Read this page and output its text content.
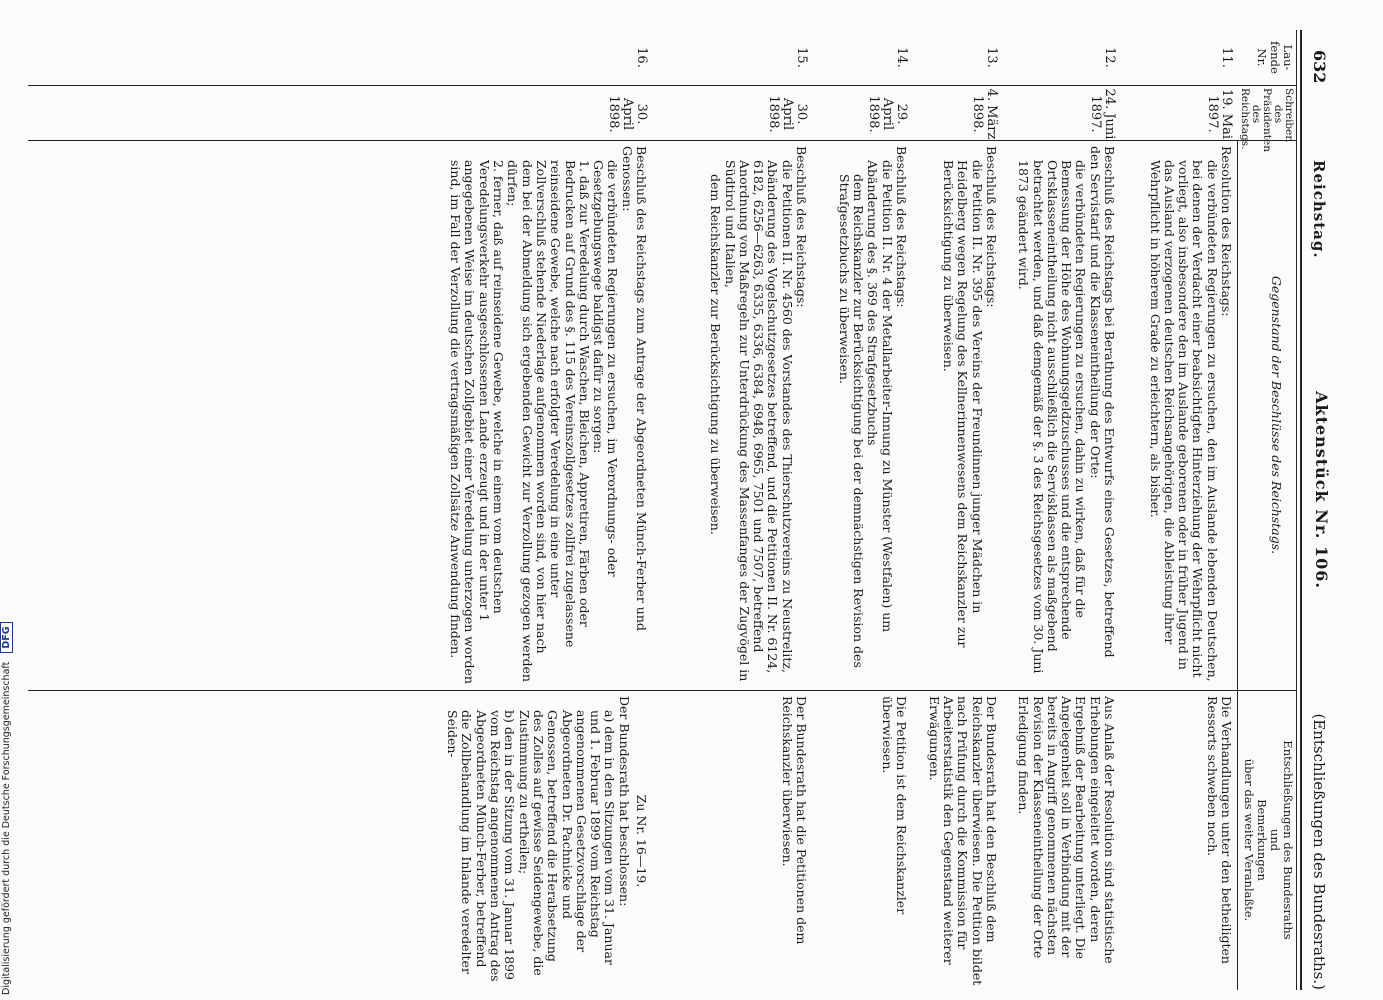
632
Reichstag.
Aktenstück Nr. 106.
(Entschließungen des Bundesraths.)
Lau-
fende
Nr.
Schreiben
des
Präsidenten
des
Reichstags.
Gegenstand der Beschlüsse des Reichstags.
Entschließungen des Bundesraths
und
Bemerkungen
über das weiter Veranlaßte.
11.
19. Mai
1897.

Resolution des Reichstags:

die verbündeten Regierungen zu ersuchen, den im Auslande lebenden Deutschen, bei denen der Verdacht einer beabsichtigten Hinterziehung der Wehrpflicht nicht vorliegt, also insbesondere den im Auslande geborenen oder in früher Jugend in das Ausland verzogenen deutschen Reichsangehörigen, die Ableistung ihrer Wehrpflicht in höherem Grade zu erleichtern, als bisher.

Die Verhandlungen unter den betheiligten Ressorts schweben noch.
12.
24. Juni
1897.

Beschluß des Reichstags bei Berathung des Entwurfs eines Gesetzes, betreffend den Servistarif und die Klasseneintheilung der Orte:

die verbündeten Regierungen zu ersuchen, dahin zu wirken, daß für die Bemessung der Höhe des Wohnungsgeldzuschusses und die entsprechende Ortsklasseneintheilung nicht ausschließlich die Servisklassen als maßgebend betrachtet werden, und daß demgemäß der §. 3 des Reichsgesetzes vom 30. Juni 1873 geändert wird.

Aus Anlaß der Resolution sind statistische Erhebungen eingeleitet worden, deren Ergebniß der Bearbeitung unterliegt. Die Angelegenheit soll in Verbindung mit der bereits in Angriff genommenen nächsten Revision der Klasseneintheilung der Orte Erledigung finden.
13.
4. März
1898.

Beschluß des Reichstags:

die Petition II. Nr. 395 des Vereins der Freundinnen junger Mädchen in Heidelberg wegen Regelung des Kellnerinnenwesens dem Reichskanzler zur Berücksichtigung zu überweisen.

Der Bundesrath hat den Beschluß dem Reichskanzler überwiesen. Die Petition bildet nach Prüfung durch die Kommission für Arbeiterstatistik den Gegenstand weiterer Erwägungen.
14.
29. April
1898.

Beschluß des Reichstags:

die Petition II. Nr. 4 der Metallarbeiter-Innung zu Münster (Westfalen) um Abänderung des §. 369 des Strafgesetzbuchs

dem Reichskanzler zur Berücksichtigung bei der demnächstigen Revision des Strafgesetzbuchs zu überweisen.

Die Petition ist dem Reichskanzler überwiesen.
15.
30. April
1898.

Beschluß des Reichstags:

die Petitionen II. Nr. 4560 des Vorstandes des Thierschutzvereins zu Neustrelitz, Abänderung des Vogelschutzgesetzes betreffend, und die Petitionen II. Nr. 6124, 6182, 6256—6263, 6335, 6336, 6384, 6948, 6965, 7501 und 7507, betreffend Anordnung von Maßregeln zur Unterdrückung des Massenfanges der Zugvögel in Südtirol und Italien,

dem Reichskanzler zur Berücksichtigung zu überweisen.

Der Bundesrath hat die Petitionen dem Reichskanzler überwiesen.
16.
30. April
1898.

Beschluß des Reichstags zum Antrage der Abgeordneten Münch-Ferber und Genossen:

die verbündeten Regierungen zu ersuchen, im Verordnungs- oder Gesetzgebungswege baldigst dafür zu sorgen:

1. daß zur Veredelung durch Waschen, Bleichen, Appretiren, Färben oder Bedrucken auf Grund des §. 115 des Vereinszollgesetzes zollfrei zugelassene reinseidene Gewebe, welche nach erfolgter Veredelung in eine unter Zollverschluß stehende Niederlage aufgenommen worden sind, von hier nach dem bei der Abmeldung sich ergebenden Gewicht zur Verzollung gezogen werden dürfen;

2. ferner, daß auf reinseidene Gewebe, welche in einem vom deutschen Veredelungsverkehr ausgeschlossenen Lande erzeugt und in der unter 1 angegebenen Weise im deutschen Zollgebiet einer Veredelung unterzogen worden sind, im Fall der Verzollung die vertragsmäßigen Zollsätze Anwendung finden.

Zu Nr. 16—19.

Der Bundesrath hat beschlossen:

a) dem in den Sitzungen vom 31. Januar und 1. Februar 1899 vom Reichstag angenommenen Gesetzvorschlage der Abgeordneten Dr. Pachnicke und Genossen, betreffend die Herabsetzung des Zolles auf gewisse Seidengewebe, die Zustimmung zu ertheilen;

b) den in der Sitzung vom 31. Januar 1899 vom Reichstag angenommenen Antrag des Abgeordneten Münch-Ferber, betreffend die Zollbehandlung im Inlande veredelter Seiden-

Digitalisierung gefördert durch die Deutsche Forschungsgemeinschaft DFG
